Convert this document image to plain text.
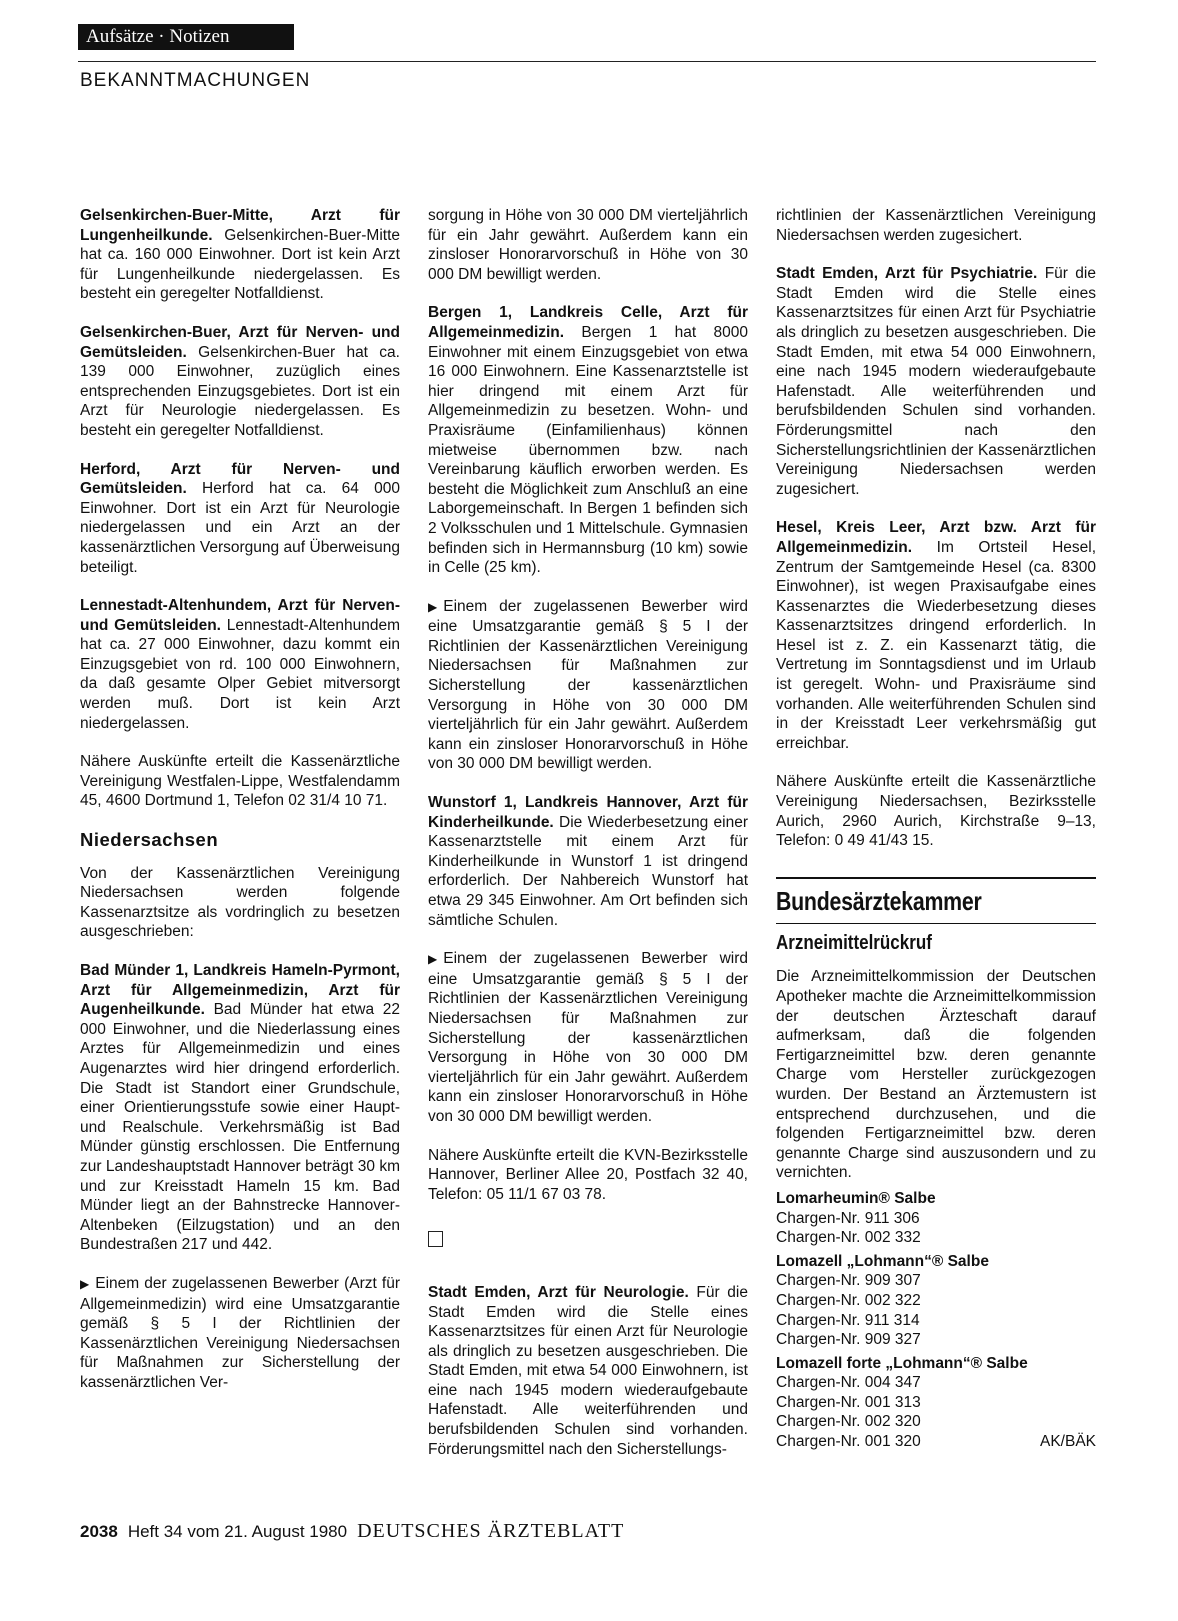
Aufsätze · Notizen
BEKANNTMACHUNGEN

Gelsenkirchen-Buer-Mitte, Arzt für Lungenheilkunde. Gelsenkirchen-Buer-Mitte hat ca. 160 000 Einwohner. Dort ist kein Arzt für Lungenheilkunde niedergelassen. Es besteht ein geregelter Notfalldienst.

Gelsenkirchen-Buer, Arzt für Nerven- und Gemütsleiden. Gelsenkirchen-Buer hat ca. 139 000 Einwohner, zuzüglich eines entsprechenden Einzugsgebietes. Dort ist ein Arzt für Neurologie niedergelassen. Es besteht ein geregelter Notfalldienst.

Herford, Arzt für Nerven- und Gemütsleiden. Herford hat ca. 64 000 Einwohner. Dort ist ein Arzt für Neurologie niedergelassen und ein Arzt an der kassenärztlichen Versorgung auf Überweisung beteiligt.

Lennestadt-Altenhundem, Arzt für Nerven- und Gemütsleiden. Lennestadt-Altenhundem hat ca. 27 000 Einwohner, dazu kommt ein Einzugsgebiet von rd. 100 000 Einwohnern, da daß gesamte Olper Gebiet mitversorgt werden muß. Dort ist kein Arzt niedergelassen.

Nähere Auskünfte erteilt die Kassenärztliche Vereinigung Westfalen-Lippe, Westfalendamm 45, 4600 Dortmund 1, Telefon 02 31/4 10 71.

Niedersachsen

Von der Kassenärztlichen Vereinigung Niedersachsen werden folgende Kassenarztsitze als vordringlich zu besetzen ausgeschrieben:

Bad Münder 1, Landkreis Hameln-Pyrmont, Arzt für Allgemeinmedizin, Arzt für Augenheilkunde. Bad Münder hat etwa 22 000 Einwohner, und die Niederlassung eines Arztes für Allgemeinmedizin und eines Augenarztes wird hier dringend erforderlich. Die Stadt ist Standort einer Grundschule, einer Orientierungsstufe sowie einer Haupt- und Realschule. Verkehrsmäßig ist Bad Münder günstig erschlossen. Die Entfernung zur Landeshauptstadt Hannover beträgt 30 km und zur Kreisstadt Hameln 15 km. Bad Münder liegt an der Bahnstrecke Hannover-Altenbeken (Eilzugstation) und an den Bundestraßen 217 und 442.

▶ Einem der zugelassenen Bewerber (Arzt für Allgemeinmedizin) wird eine Umsatzgarantie gemäß § 5 I der Richtlinien der Kassenärztlichen Vereinigung Niedersachsen für Maßnahmen zur Sicherstellung der kassenärztlichen Ver-

sorgung in Höhe von 30 000 DM vierteljährlich für ein Jahr gewährt. Außerdem kann ein zinsloser Honorarvorschuß in Höhe von 30 000 DM bewilligt werden.

Bergen 1, Landkreis Celle, Arzt für Allgemeinmedizin. Bergen 1 hat 8000 Einwohner mit einem Einzugsgebiet von etwa 16 000 Einwohnern. Eine Kassenarztstelle ist hier dringend mit einem Arzt für Allgemeinmedizin zu besetzen. Wohn- und Praxisräume (Einfamilienhaus) können mietweise übernommen bzw. nach Vereinbarung käuflich erworben werden. Es besteht die Möglichkeit zum Anschluß an eine Laborgemeinschaft. In Bergen 1 befinden sich 2 Volksschulen und 1 Mittelschule. Gymnasien befinden sich in Hermannsburg (10 km) sowie in Celle (25 km).

▶ Einem der zugelassenen Bewerber wird eine Umsatzgarantie gemäß § 5 I der Richtlinien der Kassenärztlichen Vereinigung Niedersachsen für Maßnahmen zur Sicherstellung der kassenärztlichen Versorgung in Höhe von 30 000 DM vierteljährlich für ein Jahr gewährt. Außerdem kann ein zinsloser Honorarvorschuß in Höhe von 30 000 DM bewilligt werden.

Wunstorf 1, Landkreis Hannover, Arzt für Kinderheilkunde. Die Wiederbesetzung einer Kassenarztstelle mit einem Arzt für Kinderheilkunde in Wunstorf 1 ist dringend erforderlich. Der Nahbereich Wunstorf hat etwa 29 345 Einwohner. Am Ort befinden sich sämtliche Schulen.

▶ Einem der zugelassenen Bewerber wird eine Umsatzgarantie gemäß § 5 I der Richtlinien der Kassenärztlichen Vereinigung Niedersachsen für Maßnahmen zur Sicherstellung der kassenärztlichen Versorgung in Höhe von 30 000 DM vierteljährlich für ein Jahr gewährt. Außerdem kann ein zinsloser Honorarvorschuß in Höhe von 30 000 DM bewilligt werden.

Nähere Auskünfte erteilt die KVN-Bezirksstelle Hannover, Berliner Allee 20, Postfach 32 40, Telefon: 05 11/1 67 03 78.

Stadt Emden, Arzt für Neurologie. Für die Stadt Emden wird die Stelle eines Kassenarztsitzes für einen Arzt für Neurologie als dringlich zu besetzen ausgeschrieben. Die Stadt Emden, mit etwa 54 000 Einwohnern, ist eine nach 1945 modern wiederaufgebaute Hafenstadt. Alle weiterführenden und berufsbildenden Schulen sind vorhanden. Förderungsmittel nach den Sicherstellungs-

richtlinien der Kassenärztlichen Vereinigung Niedersachsen werden zugesichert.

Stadt Emden, Arzt für Psychiatrie. Für die Stadt Emden wird die Stelle eines Kassenarztsitzes für einen Arzt für Psychiatrie als dringlich zu besetzen ausgeschrieben. Die Stadt Emden, mit etwa 54 000 Einwohnern, eine nach 1945 modern wiederaufgebaute Hafenstadt. Alle weiterführenden und berufsbildenden Schulen sind vorhanden. Förderungsmittel nach den Sicherstellungsrichtlinien der Kassenärztlichen Vereinigung Niedersachsen werden zugesichert.

Hesel, Kreis Leer, Arzt bzw. Arzt für Allgemeinmedizin. Im Ortsteil Hesel, Zentrum der Samtgemeinde Hesel (ca. 8300 Einwohner), ist wegen Praxisaufgabe eines Kassenarztes die Wiederbesetzung dieses Kassenarztsitzes dringend erforderlich. In Hesel ist z. Z. ein Kassenarzt tätig, die Vertretung im Sonntagsdienst und im Urlaub ist geregelt. Wohn- und Praxisräume sind vorhanden. Alle weiterführenden Schulen sind in der Kreisstadt Leer verkehrsmäßig gut erreichbar.

Nähere Auskünfte erteilt die Kassenärztliche Vereinigung Niedersachsen, Bezirksstelle Aurich, 2960 Aurich, Kirchstraße 9–13, Telefon: 0 49 41/43 15.

Bundesärztekammer
Arzneimittelrückruf

Die Arzneimittelkommission der Deutschen Apotheker machte die Arzneimittelkommission der deutschen Ärzteschaft darauf aufmerksam, daß die folgenden Fertigarzneimittel bzw. deren genannte Charge vom Hersteller zurückgezogen wurden. Der Bestand an Ärztemustern ist entsprechend durchzusehen, und die folgenden Fertigarzneimittel bzw. deren genannte Charge sind auszusondern und zu vernichten.

Lomarheumin® Salbe
Chargen-Nr. 911 306
Chargen-Nr. 002 332
Lomazell „Lohmann“® Salbe
Chargen-Nr. 909 307
Chargen-Nr. 002 322
Chargen-Nr. 911 314
Chargen-Nr. 909 327
Lomazell forte „Lohmann“® Salbe
Chargen-Nr. 004 347
Chargen-Nr. 001 313
Chargen-Nr. 002 320
Chargen-Nr. 001 320	AK/BÄK
2038 Heft 34 vom 21. August 1980 DEUTSCHES ÄRZTEBLATT
